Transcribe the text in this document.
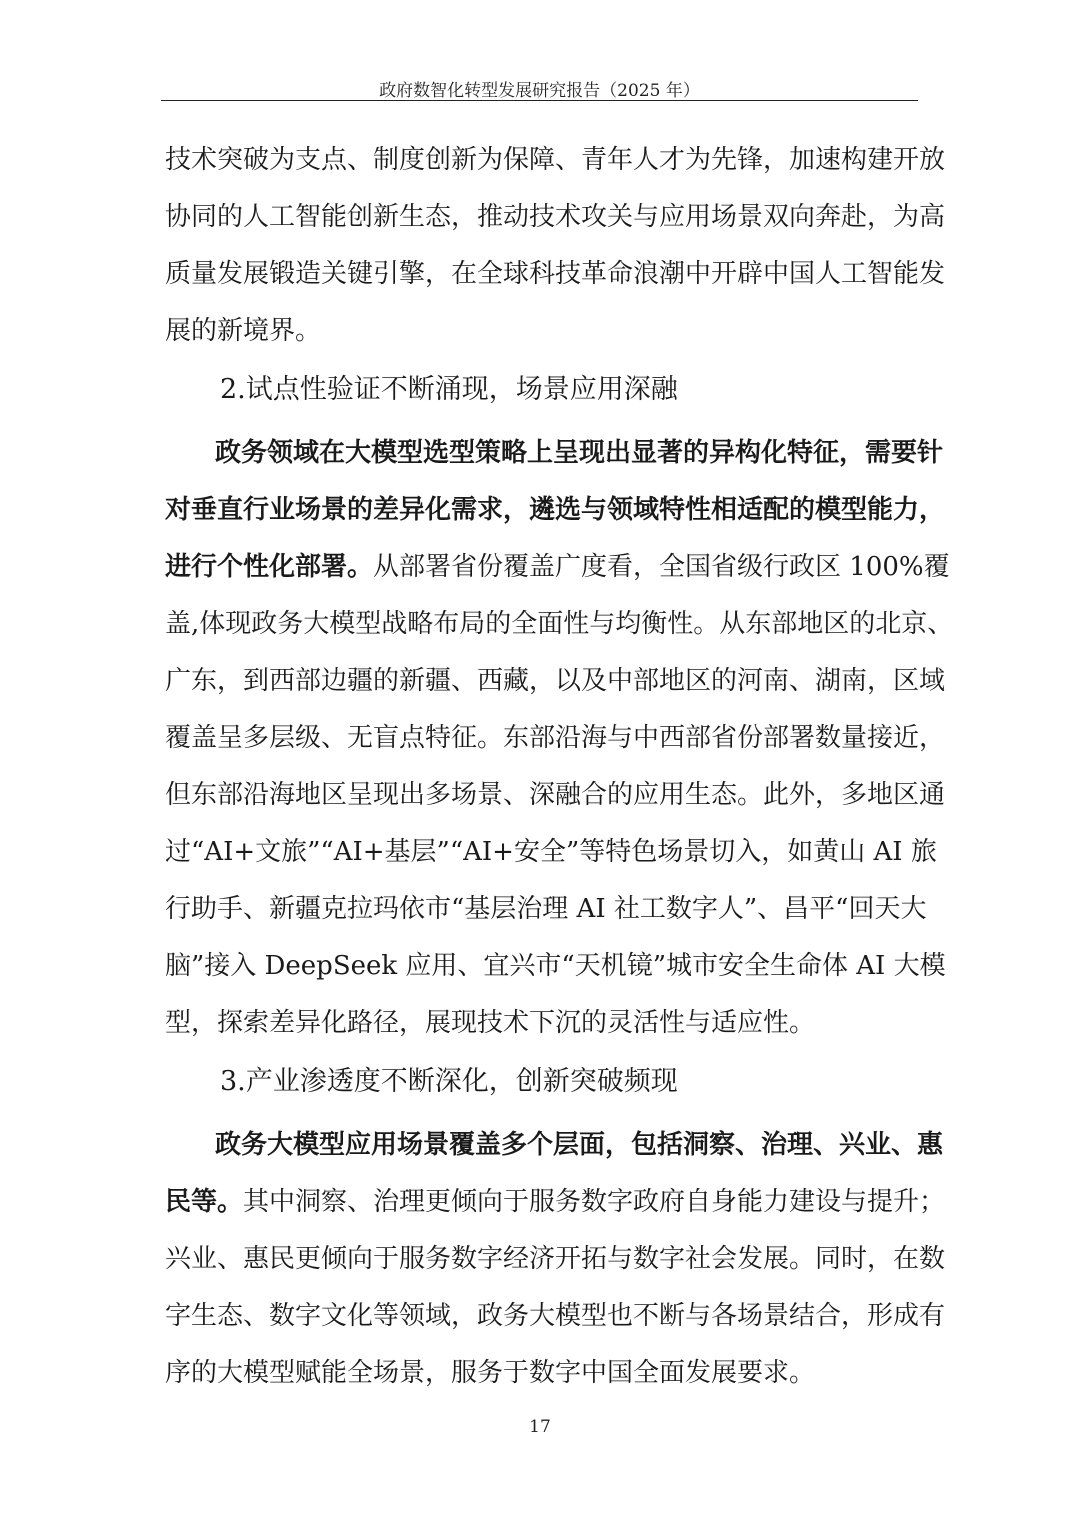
政府数智化转型发展研究报告（2025 年）
技术突破为支点、制度创新为保障、青年人才为先锋，加速构建开放
协同的人工智能创新生态，推动技术攻关与应用场景双向奔赴，为高
质量发展锻造关键引擎，在全球科技革命浪潮中开辟中国人工智能发
展的新境界。
2.试点性验证不断涌现，场景应用深融
政务领域在大模型选型策略上呈现出显著的异构化特征，需要针
对垂直行业场景的差异化需求，遴选与领域特性相适配的模型能力，
进行个性化部署。 从部署省份覆盖广度看，全国省级行政区 100%覆
盖,体现政务大模型战略布局的全面性与均衡性。从东部地区的北京、
广东，到西部边疆的新疆、西藏，以及中部地区的河南、湖南，区域
覆盖呈多层级、无盲点特征。东部沿海与中西部省份部署数量接近，
但东部沿海地区呈现出多场景、深融合的应用生态。此外，多地区通
过“AI+文旅”“AI+基层”“AI+安全”等特色场景切入，如黄山 AI 旅
行助手、新疆克拉玛依市“基层治理 AI 社工数字人”、昌平“回天大
脑”接入 DeepSeek 应用、宜兴市“天机镜”城市安全生命体 AI 大模
型，探索差异化路径，展现技术下沉的灵活性与适应性。
3.产业渗透度不断深化，创新突破频现
政务大模型应用场景覆盖多个层面，包括洞察、治理、兴业、惠
民等。 其中洞察、治理更倾向于服务数字政府自身能力建设与提升；
兴业、惠民更倾向于服务数字经济开拓与数字社会发展。同时，在数
字生态、数字文化等领域，政务大模型也不断与各场景结合，形成有
序的大模型赋能全场景，服务于数字中国全面发展要求。
17
